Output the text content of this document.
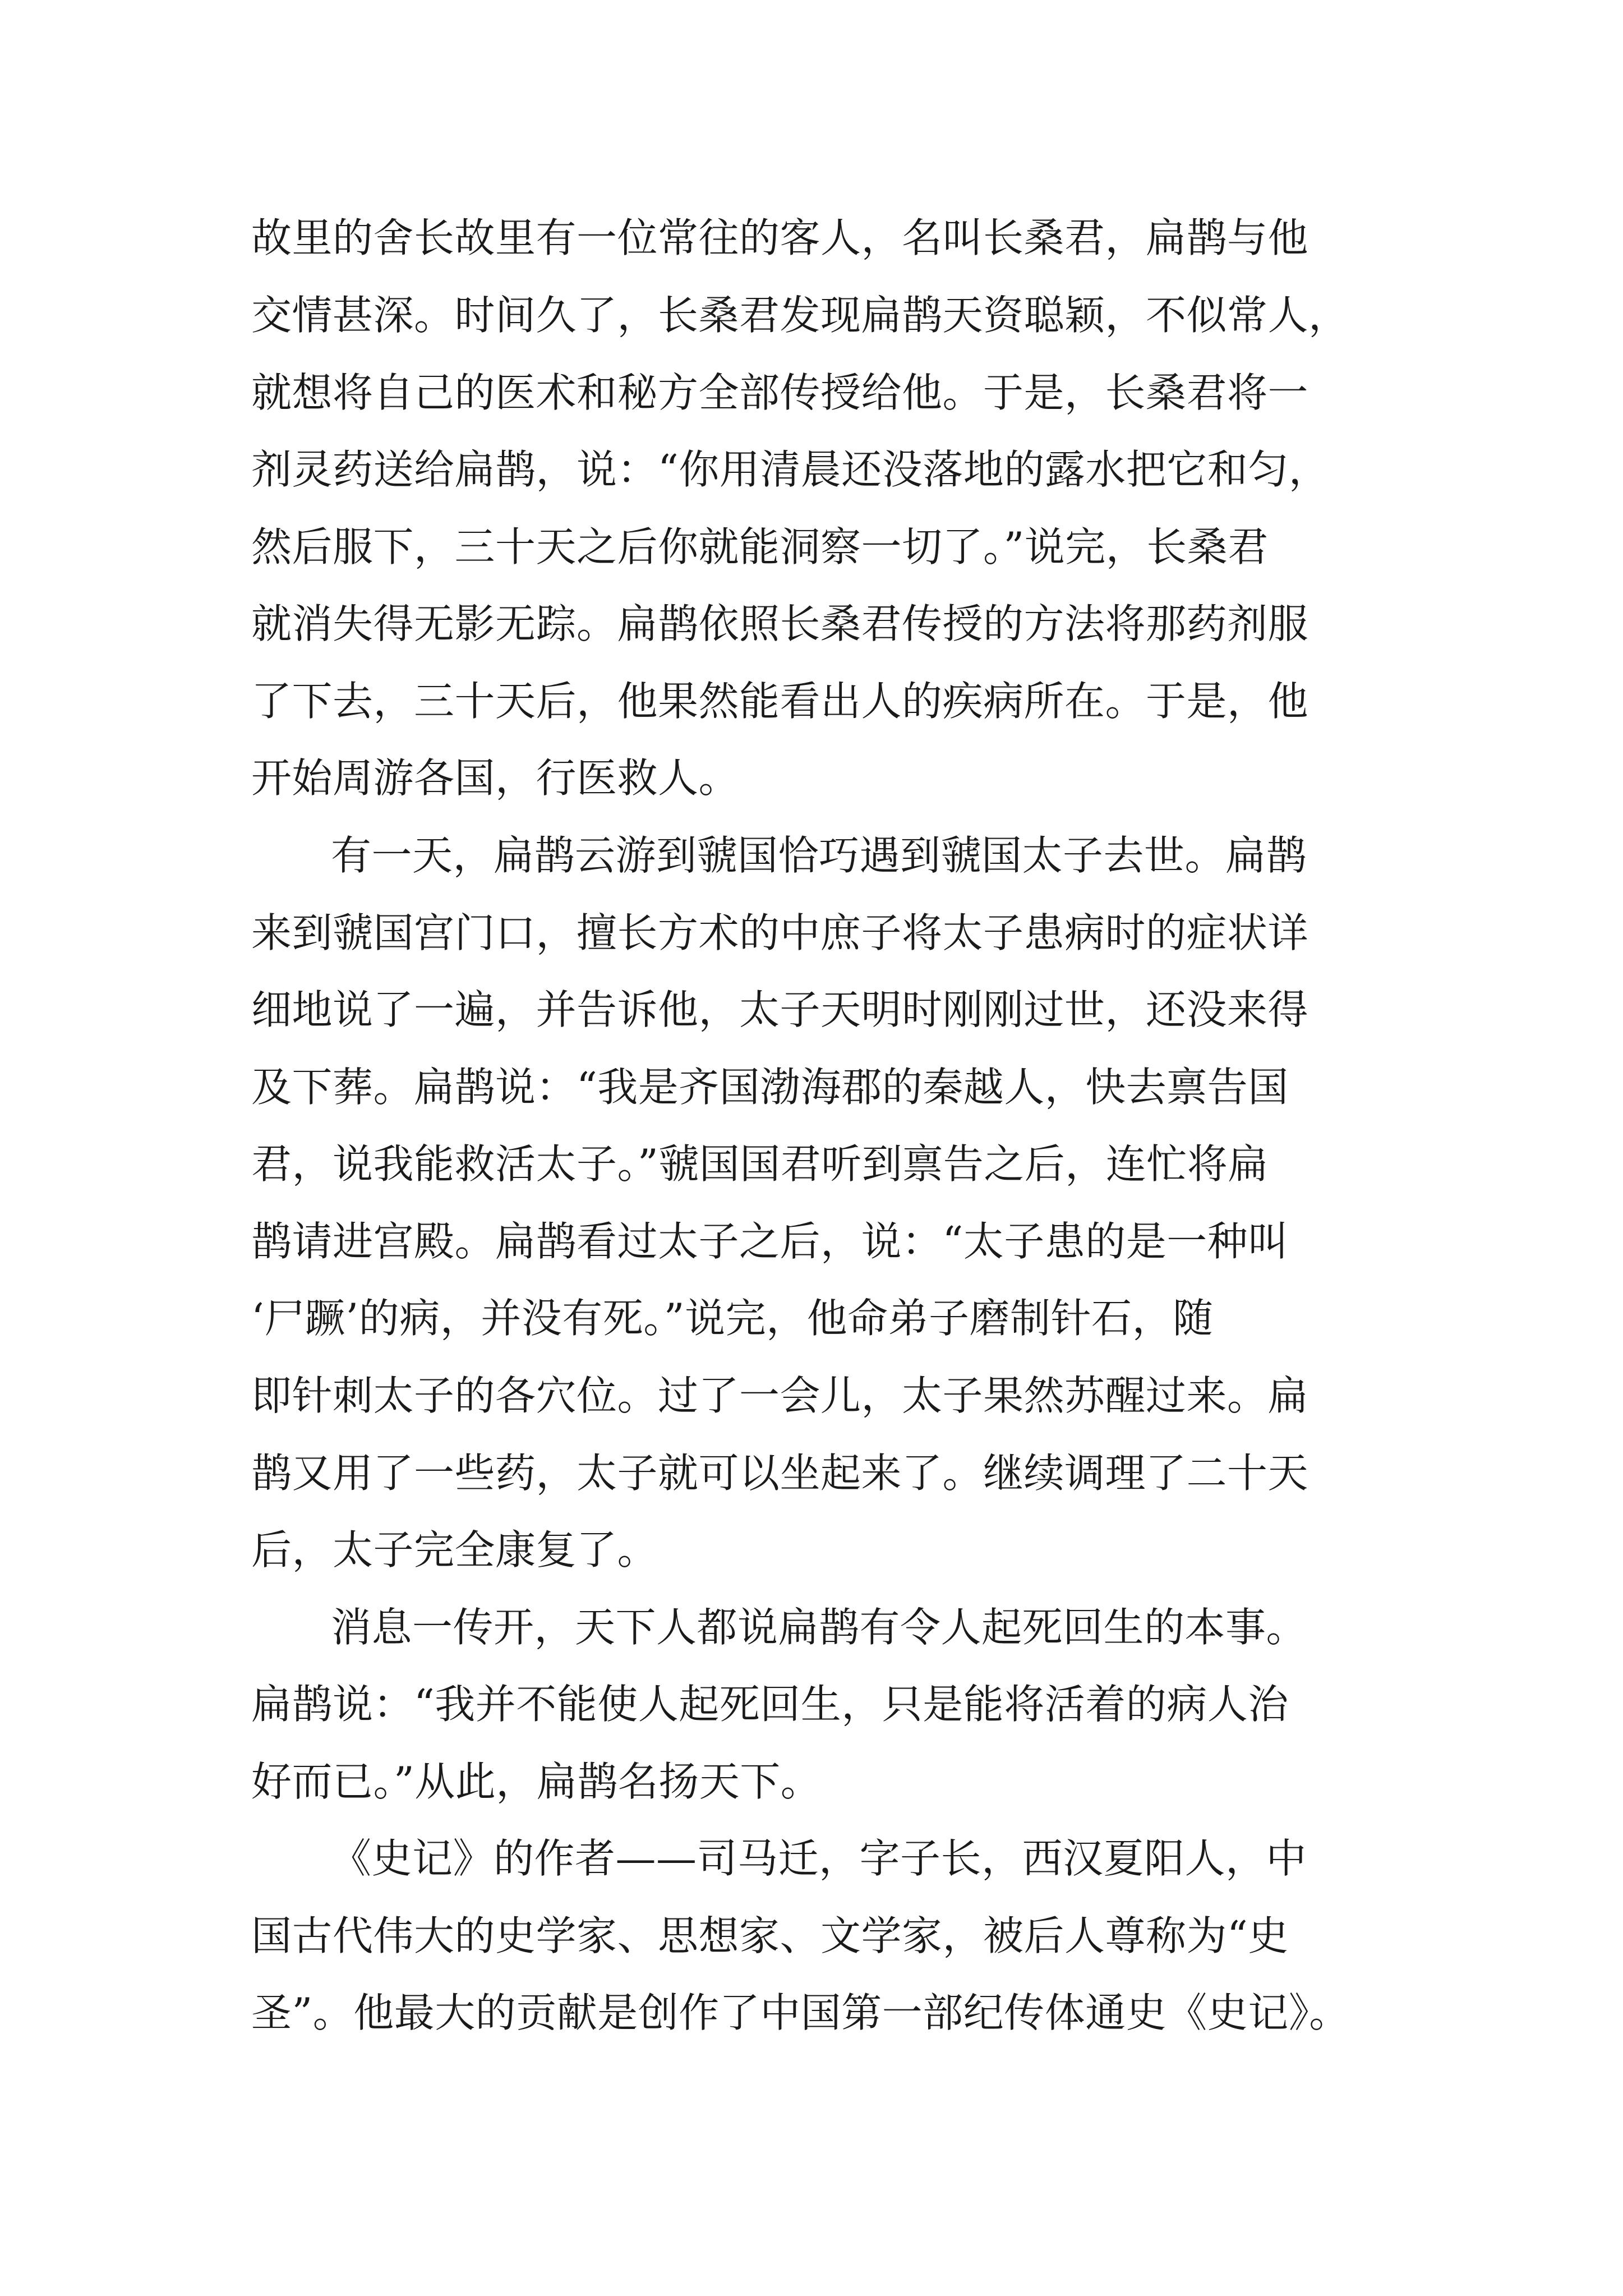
故里的舍长故里有一位常往的客人，名叫长桑君，扁鹊与他

交情甚深。时间久了，长桑君发现扁鹊天资聪颖，不似常人，

就想将自己的医术和秘方全部传授给他。于是，长桑君将一

剂灵药送给扁鹊，说：“你用清晨还没落地的露水把它和匀，

然后服下，三十天之后你就能洞察一切了。”说完，长桑君

就消失得无影无踪。扁鹊依照长桑君传授的方法将那药剂服

了下去，三十天后，他果然能看出人的疾病所在。于是，他

开始周游各国，行医救人。

有一天，扁鹊云游到虢国恰巧遇到虢国太子去世。扁鹊

来到虢国宫门口，擅长方术的中庶子将太子患病时的症状详

细地说了一遍，并告诉他，太子天明时刚刚过世，还没来得

及下葬。扁鹊说：“我是齐国渤海郡的秦越人，快去禀告国

君，说我能救活太子。”虢国国君听到禀告之后，连忙将扁

鹊请进宫殿。扁鹊看过太子之后，说：“太子患的是一种叫

‘尸蹶’的病，并没有死。”说完，他命弟子磨制针石，随

即针刺太子的各穴位。过了一会儿，太子果然苏醒过来。扁

鹊又用了一些药，太子就可以坐起来了。继续调理了二十天

后，太子完全康复了。

消息一传开，天下人都说扁鹊有令人起死回生的本事。

扁鹊说：“我并不能使人起死回生，只是能将活着的病人治

好而已。”从此，扁鹊名扬天下。

《史记》的作者——司马迁，字子长，西汉夏阳人，中

国古代伟大的史学家、思想家、文学家，被后人尊称为“史

圣”。他最大的贡献是创作了中国第一部纪传体通史《史记》。
